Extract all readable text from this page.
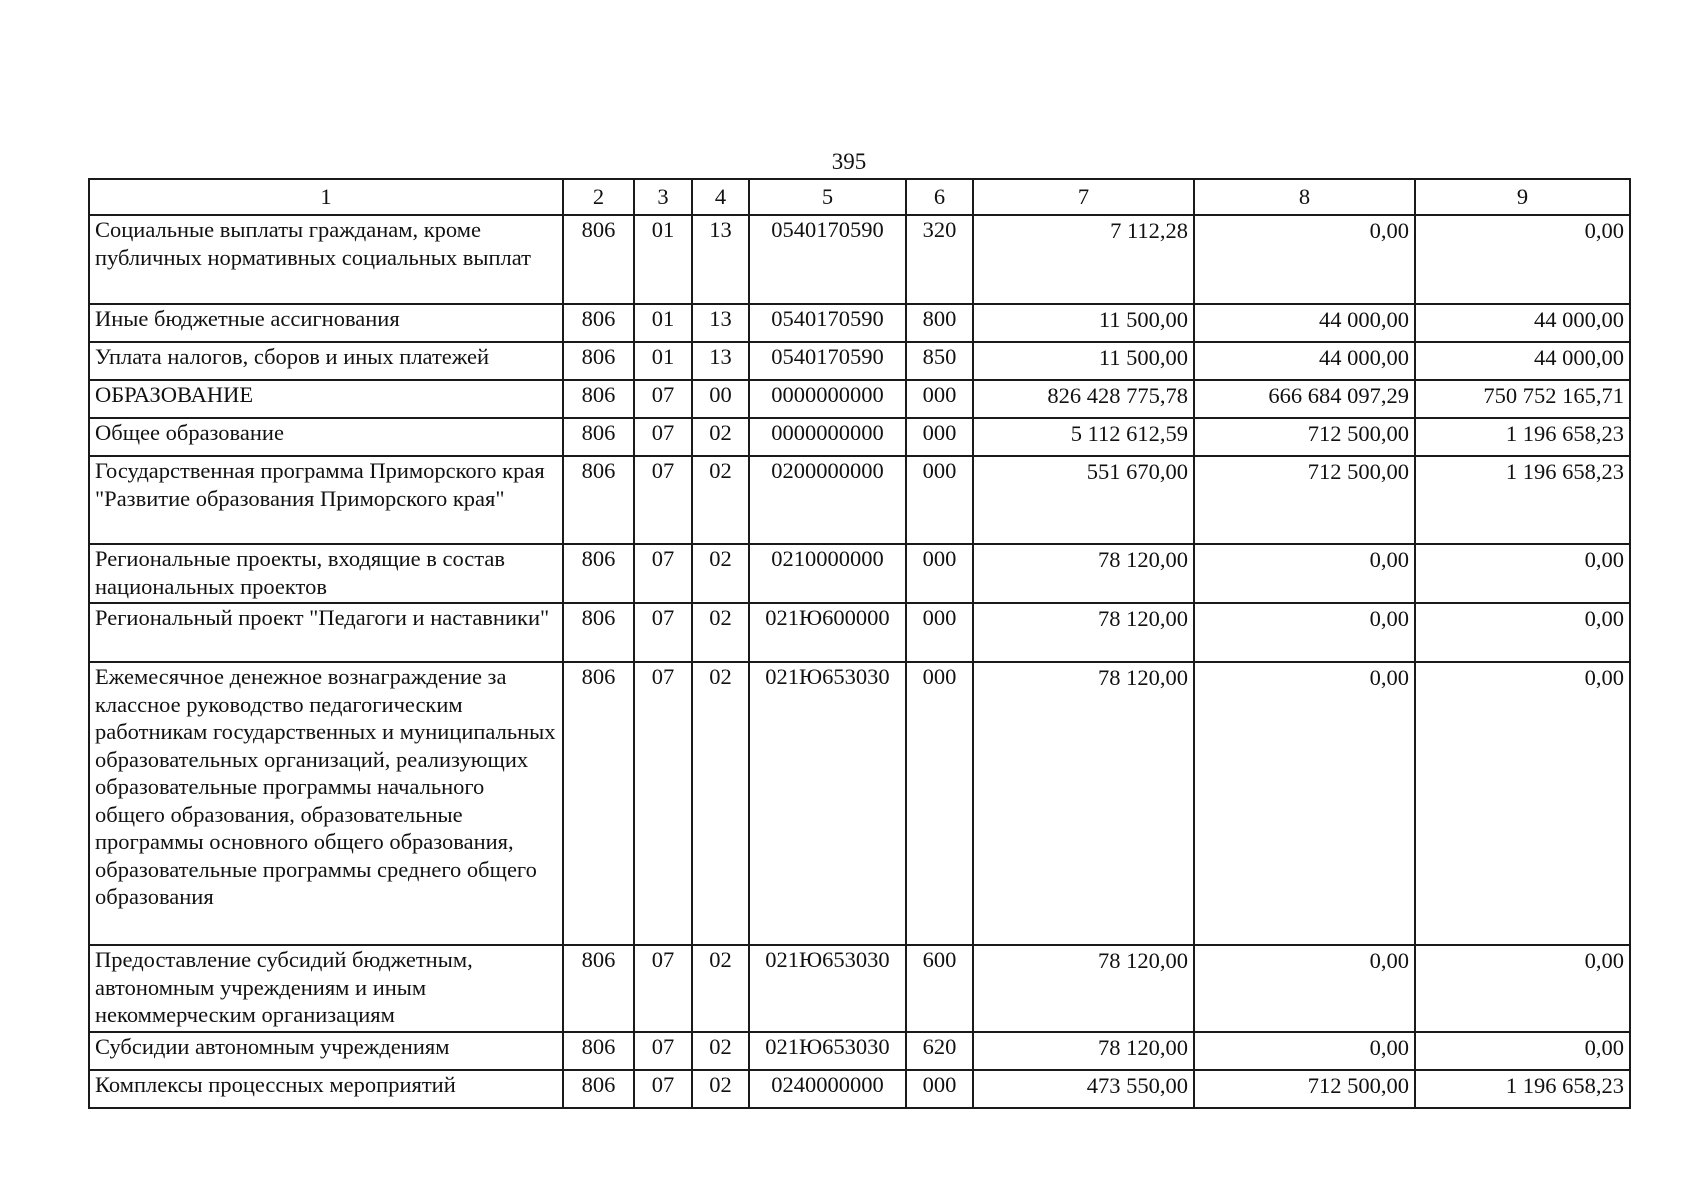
395
1	2	3	4	5	6	7	8	9
Социальные выплаты гражданам, кроме публичных нормативных социальных выплат	806	01	13	0540170590	320	7 112,28	0,00	0,00
Иные бюджетные ассигнования	806	01	13	0540170590	800	11 500,00	44 000,00	44 000,00
Уплата налогов, сборов и иных платежей	806	01	13	0540170590	850	11 500,00	44 000,00	44 000,00
ОБРАЗОВАНИЕ	806	07	00	0000000000	000	826 428 775,78	666 684 097,29	750 752 165,71
Общее образование	806	07	02	0000000000	000	5 112 612,59	712 500,00	1 196 658,23
Государственная программа Приморского края "Развитие образования Приморского края"	806	07	02	0200000000	000	551 670,00	712 500,00	1 196 658,23
Региональные проекты, входящие в состав национальных проектов	806	07	02	0210000000	000	78 120,00	0,00	0,00
Региональный проект "Педагоги и наставники"	806	07	02	021Ю600000	000	78 120,00	0,00	0,00
Ежемесячное денежное вознаграждение за классное руководство педагогическим работникам государственных и муниципальных образовательных организаций, реализующих образовательные программы начального общего образования, образовательные программы основного общего образования, образовательные программы среднего общего образования	806	07	02	021Ю653030	000	78 120,00	0,00	0,00
Предоставление субсидий бюджетным, автономным учреждениям и иным некоммерческим организациям	806	07	02	021Ю653030	600	78 120,00	0,00	0,00
Субсидии автономным учреждениям	806	07	02	021Ю653030	620	78 120,00	0,00	0,00
Комплексы процессных мероприятий	806	07	02	0240000000	000	473 550,00	712 500,00	1 196 658,23
